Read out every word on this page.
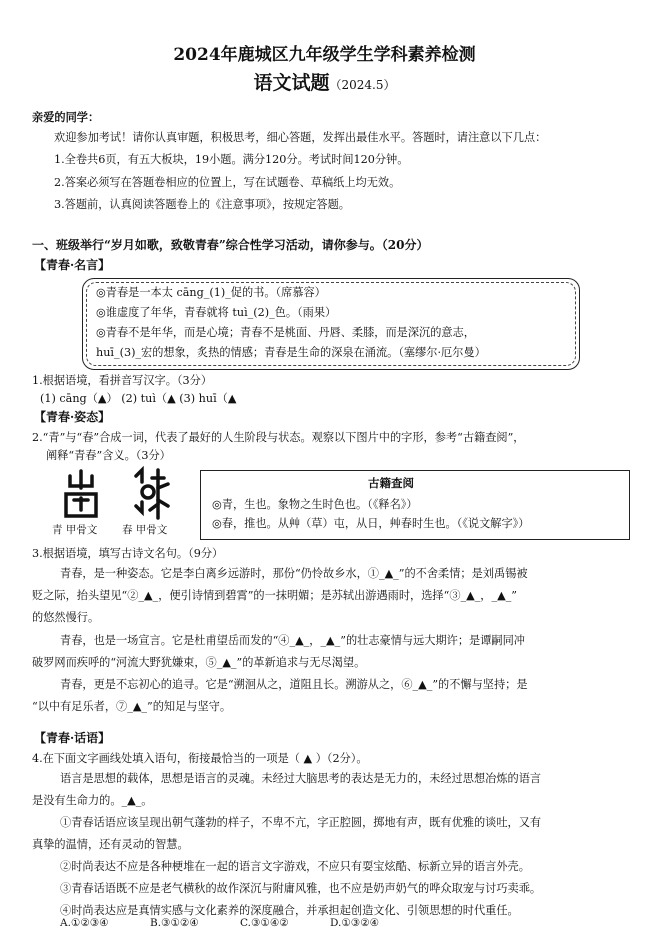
2024年鹿城区九年级学生学科素养检测
语文试题（2024.5）
亲爱的同学：
欢迎参加考试！请你认真审题，积极思考，细心答题，发挥出最佳水平。答题时，请注意以下几点：
1.全卷共6页，有五大板块，19小题。满分120分。考试时间120分钟。
2.答案必须写在答题卷相应的位置上，写在试题卷、草稿纸上均无效。
3.答题前，认真阅读答题卷上的《注意事项》，按规定答题。
一、班级举行“岁月如歌，致敬青春”综合性学习活动，请你参与。（20分）
【青春·名言】
◎青春是一本太 cāng_(1)_促的书。（席慕容）
◎谁虚度了年华，青春就将 tuì_(2)_色。（雨果）
◎青春不是年华，而是心境；青春不是桃面、丹唇、柔膝，而是深沉的意志，
huī_(3)_宏的想象，炙热的情感；青春是生命的深泉在涌流。（塞缪尔·厄尔曼）
1.根据语境，看拼音写汉字。（3分）
(1) cāng（▲） (2) tuì（▲ (3) huī（▲
【青春·姿态】
2.“青”与“春”合成一词，代表了最好的人生阶段与状态。观察以下图片中的字形，参考“古籍查阅”，
阐释“青春”含义。（3分）
青 甲骨文 春 甲骨文
古籍查阅
◎青，生也。象物之生时色也。（《释名》）
◎春，推也。从艸（草）屯，从日，艸春时生也。（《说文解字》）
3.根据语境，填写古诗文名句。（9分）
青春，是一种姿态。它是李白离乡远游时，那份“仍怜故乡水，①_▲_”的不舍柔情；是刘禹锡被
贬之际，抬头望见“②_▲_，便引诗情到碧霄”的一抹明媚；是苏轼出游遇雨时，选择“③_▲_，_▲_”
的悠然慢行。
青春，也是一场宣言。它是杜甫望岳而发的“④_▲_，_▲_”的壮志豪情与远大期许；是谭嗣同冲
破罗网而疾呼的“河流大野犹嫌束，⑤_▲_”的革新追求与无尽渴望。
青春，更是不忘初心的追寻。它是“溯洄从之，道阻且长。溯游从之，⑥_▲_”的不懈与坚持；是
“以中有足乐者，⑦_▲_”的知足与坚守。
【青春·话语】
4.在下面文字画线处填入语句，衔接最恰当的一项是（ ▲ ）（2分）。
语言是思想的载体，思想是语言的灵魂。未经过大脑思考的表达是无力的，未经过思想冶炼的语言
是没有生命力的。_▲_。
①青春话语应该呈现出朝气蓬勃的样子，不卑不亢，字正腔圆，掷地有声，既有优雅的谈吐，又有
真挚的温情，还有灵动的智慧。
②时尚表达不应是各种梗堆在一起的语言文字游戏，不应只有耍宝炫酷、标新立异的语言外壳。
③青春话语既不应是老气横秋的故作深沉与附庸风雅，也不应是奶声奶气的哗众取宠与讨巧卖乖。
④时尚表达应是真情实感与文化素养的深度融合，并承担起创造文化、引领思想的时代重任。
A.①②③④	B.③①②④	C.③①④②	D.①③②④
